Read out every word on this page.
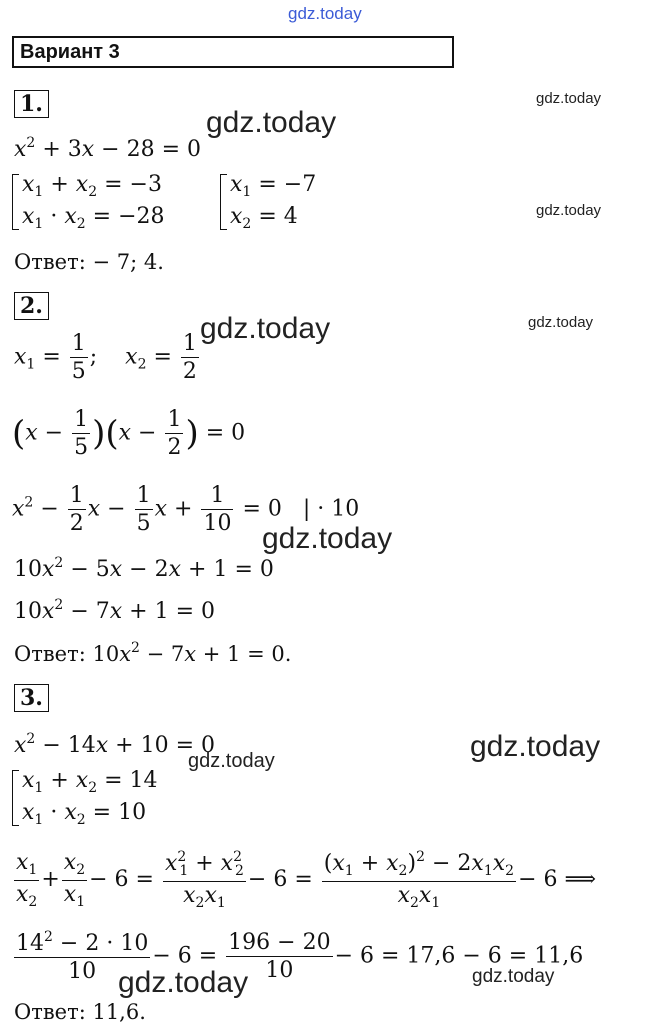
gdz.today
Вариант 3
1.	gdz.today
$x^2 + 3x - 28 = 0$
gdz.today
$x_1 + x_2 = -3$
$x_1 \cdot x_2 = -28$
$x_1 = -7$
$x_2 = 4$	gdz.today
Ответ: − 7; 4.
2.
gdz.today
gdz.today
$x_1 = \frac{1}{5}$ ;    $x_2 = \frac{1}{2}$
$(x - \frac{1}{5} )(x - \frac{1}{2}$ ) = 0
$x^2 - \frac{1}{2}$ $x - \frac{1}{5}$ $x + \frac{1}{10} = 0$   | · 10
gdz.today
$10x^2 - 5x - 2x + 1 = 0$
$10x^2 - 7x + 1 = 0$
Ответ: $10x^2 - 7x + 1 = 0$.
3.
$x^2 - 14x + 10 = 0$	gdz.today
gdz.today
$x_1 + x_2 = 14$
$x_1 \cdot x_2 = 10$
$\frac{x_1}{x_2} + \frac{x_2}{x_1} - 6 = \frac{x^2_1 + x^2_2}{x_2x_1} - 6 = \frac{(x_1 + x_2)^2 - 2x_1x_2}{x_2x_1} - 6$ ⟹
$\frac{14^2 - 2 \cdot 10}{10} - 6 = \frac{196 - 20}{10} - 6 = 17,6 - 6 = 11,6$
gdz.today	gdz.today
Ответ: 11,6.
